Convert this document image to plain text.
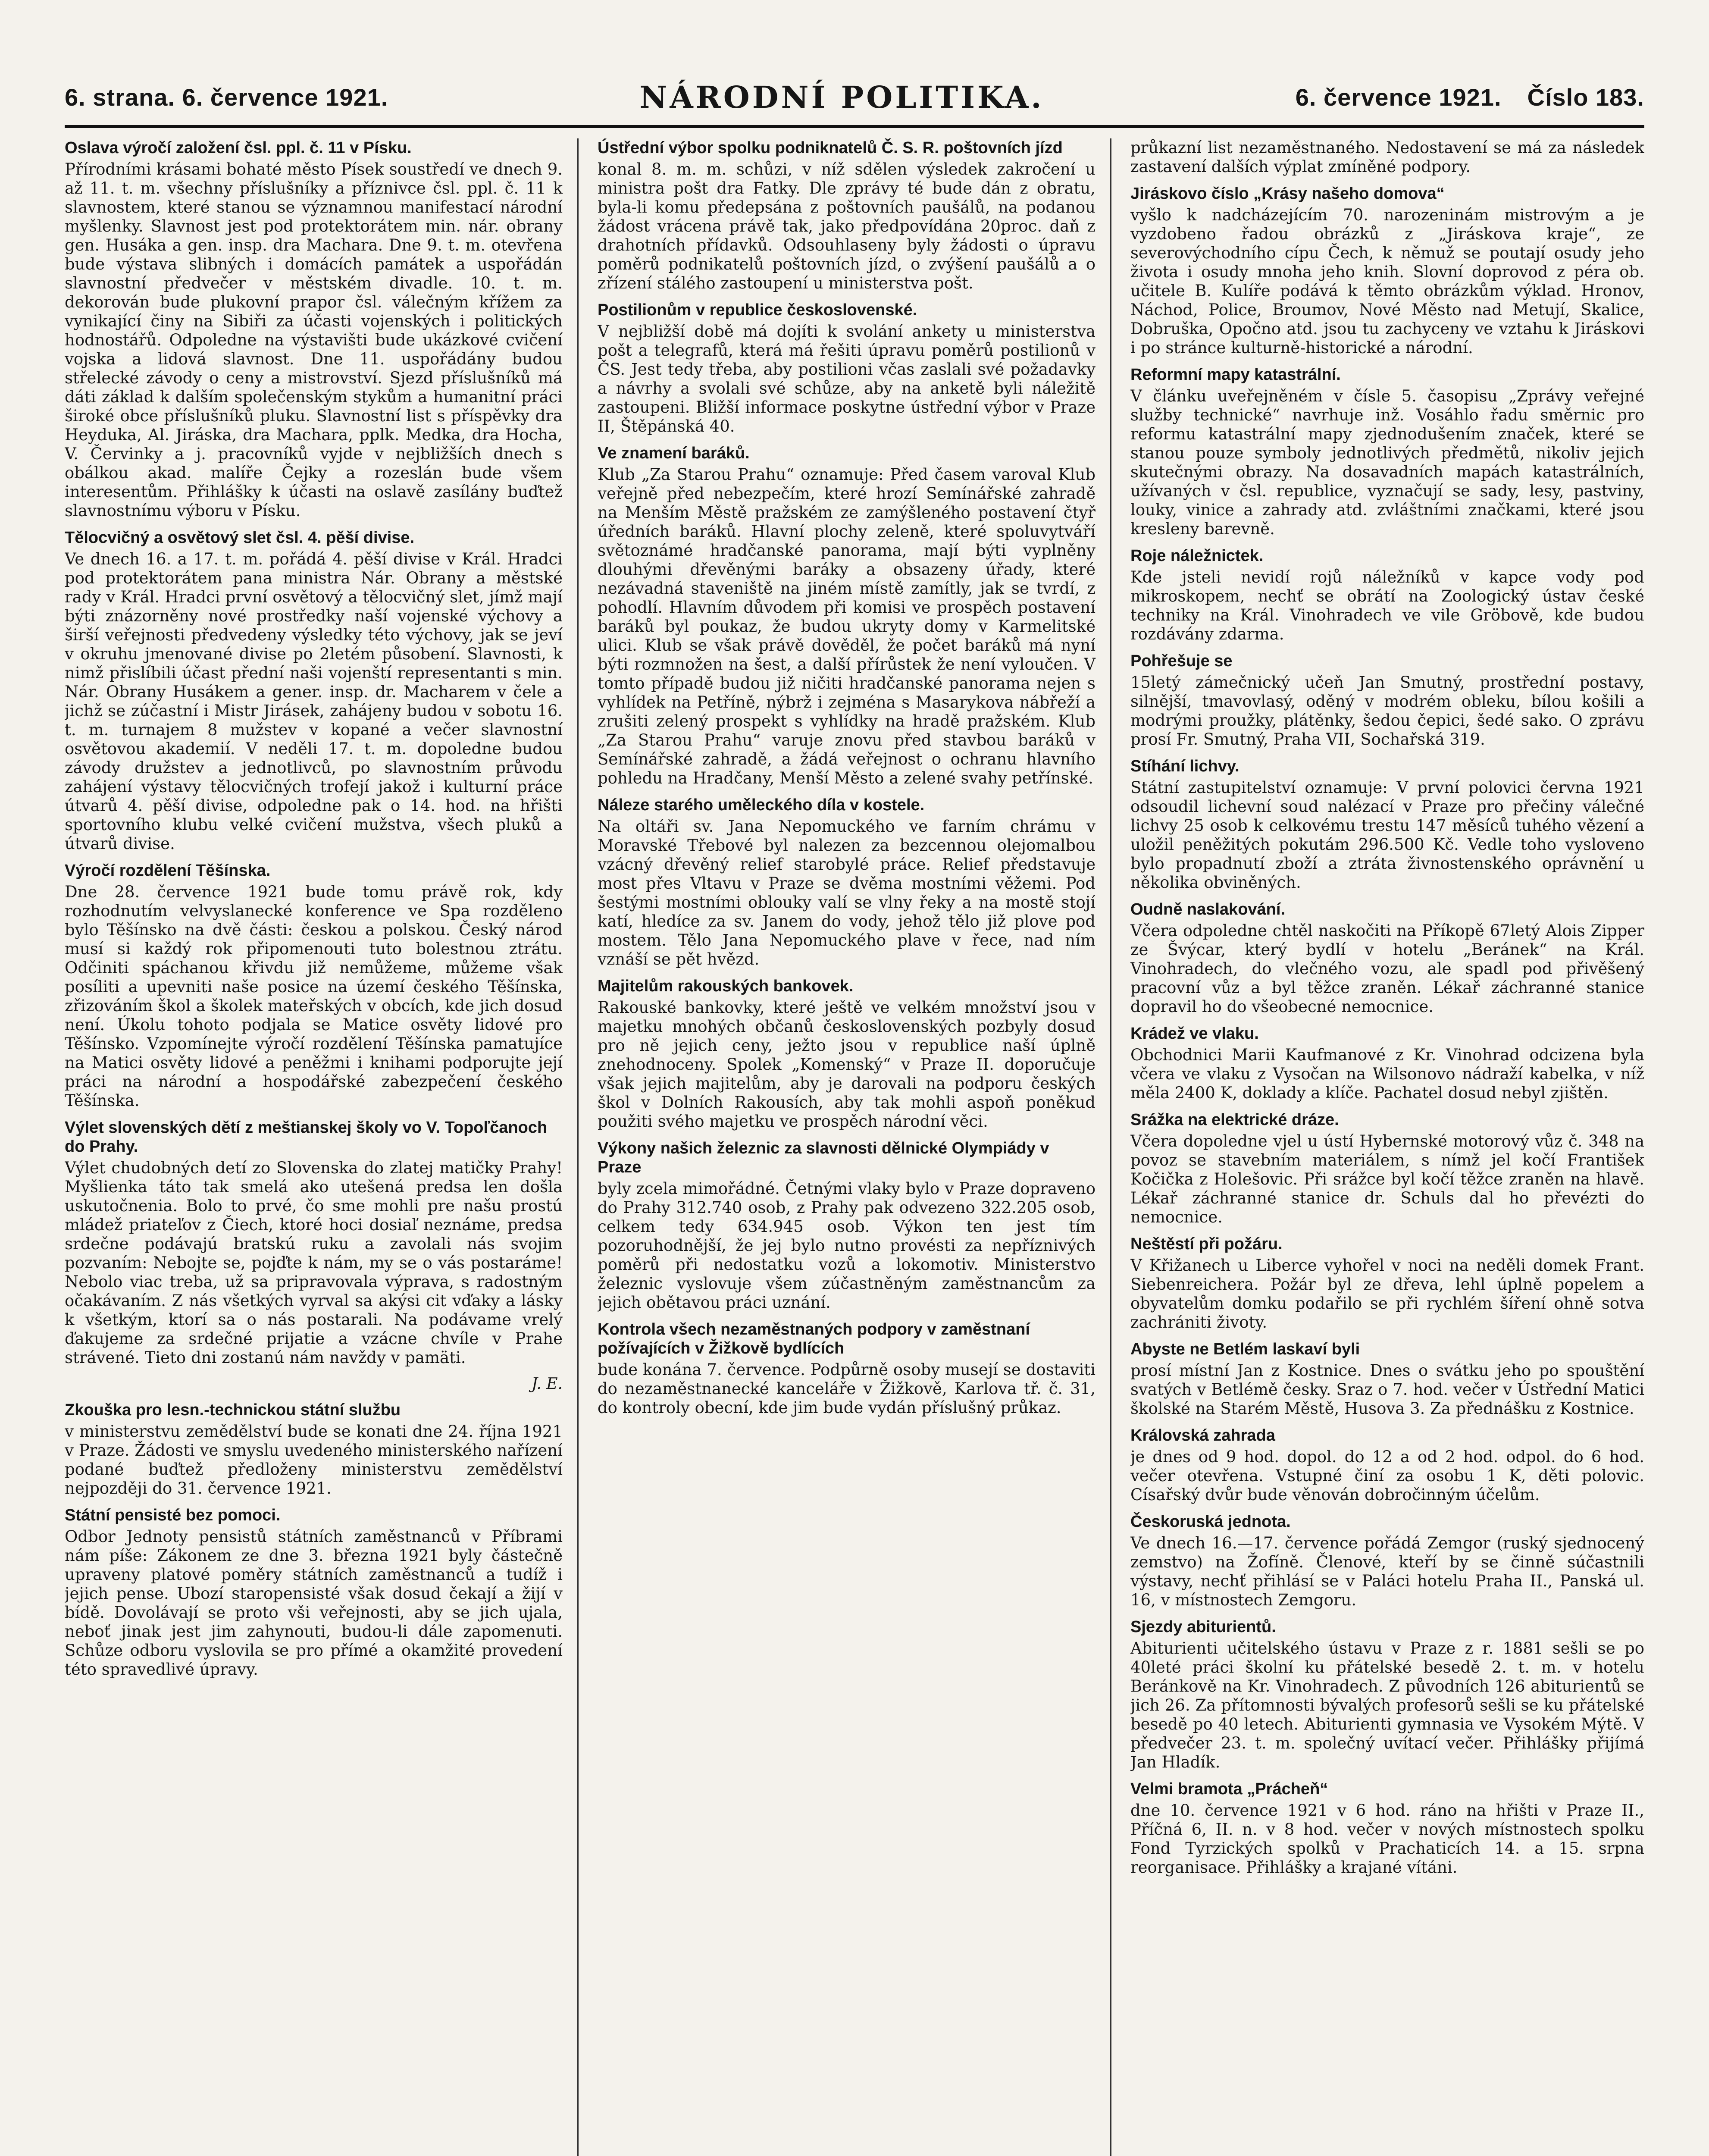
6. strana. 6. července 1921.	NÁRODNÍ POLITIKA.	6. července 1921. Číslo 183.

Oslava výročí založení čsl. ppl. č. 11 v Písku.

Přírodními krásami bohaté město Písek soustředí ve dnech 9. až 11. t. m. všechny příslušníky a příznivce čsl. ppl. č. 11 k slavnostem, které stanou se významnou manifestací národní myšlenky. Slavnost jest pod protektorátem min. nár. obrany gen. Husáka a gen. insp. dra Machara. Dne 9. t. m. otevřena bude výstava slibných i domácích památek a uspořádán slavnostní předvečer v městském divadle. 10. t. m. dekorován bude plukovní prapor čsl. válečným křížem za vynikající činy na Sibiři za účasti vojenských i politických hodnostářů. Odpoledne na výstavišti bude ukázkové cvičení vojska a lidová slavnost. Dne 11. uspořádány budou střelecké závody o ceny a mistrovství. Sjezd příslušníků má dáti základ k dalším společenským stykům a humanitní práci široké obce příslušníků pluku. Slavnostní list s příspěvky dra Heyduka, Al. Jiráska, dra Machara, pplk. Medka, dra Hocha, V. Červinky a j. pracovníků vyjde v nejbližších dnech s obálkou akad. malíře Čejky a rozeslán bude všem interesentům. Přihlášky k účasti na oslavě zasílány buďtež slavnostnímu výboru v Písku.

Tělocvičný a osvětový slet čsl. 4. pěší divise.

Ve dnech 16. a 17. t. m. pořádá 4. pěší divise v Král. Hradci pod protektorátem pana ministra Nár. Obrany a městské rady v Král. Hradci první osvětový a tělocvičný slet, jímž mají býti znázorněny nové prostředky naší vojenské výchovy a širší veřejnosti předvedeny výsledky této výchovy, jak se jeví v okruhu jmenované divise po 2letém působení. Slavnosti, k nimž přislíbili účast přední naši vojenští representanti s min. Nár. Obrany Husákem a gener. insp. dr. Macharem v čele a jichž se zúčastní i Mistr Jirásek, zahájeny budou v sobotu 16. t. m. turnajem 8 mužstev v kopané a večer slavnostní osvětovou akademií. V neděli 17. t. m. dopoledne budou závody družstev a jednotlivců, po slavnostním průvodu zahájení výstavy tělocvičných trofejí jakož i kulturní práce útvarů 4. pěší divise, odpoledne pak o 14. hod. na hřišti sportovního klubu velké cvičení mužstva, všech pluků a útvarů divise.

Výročí rozdělení Těšínska.

Dne 28. července 1921 bude tomu právě rok, kdy rozhodnutím velvyslanecké konference ve Spa rozděleno bylo Těšínsko na dvě části: českou a polskou. Český národ musí si každý rok připomenouti tuto bolestnou ztrátu. Odčiniti spáchanou křivdu již nemůžeme, můžeme však posíliti a upevniti naše posice na území českého Těšínska, zřizováním škol a školek mateřských v obcích, kde jich dosud není. Úkolu tohoto podjala se Matice osvěty lidové pro Těšínsko. Vzpomínejte výročí rozdělení Těšínska pamatujíce na Matici osvěty lidové a peněžmi i knihami podporujte její práci na národní a hospodářské zabezpečení českého Těšínska.

Výlet slovenských dětí z meštianskej školy vo V. Topoľčanoch do Prahy.

Výlet chudobných detí zo Slovenska do zlatej matičky Prahy! Myšlienka táto tak smelá ako utešená predsa len došla uskutočnenia. Bolo to prvé, čo sme mohli pre našu prostú mládež priateľov z Čiech, ktoré hoci dosiaľ neznáme, predsa srdečne podávajú bratskú ruku a zavolali nás svojim pozvaním: Nebojte se, pojďte k nám, my se o vás postaráme! Nebolo viac treba, už sa pripravovala výprava, s radostným očakávaním. Z nás všetkých vyrval sa akýsi cit vďaky a lásky k všetkým, ktorí sa o nás postarali. Na podávame vrelý ďakujeme za srdečné prijatie a vzácne chvíle v Prahe strávené. Tieto dni zostanú nám navždy v pamäti.

J. E.

Zkouška pro lesn.-technickou státní službu

v ministerstvu zemědělství bude se konati dne 24. října 1921 v Praze. Žádosti ve smyslu uvedeného ministerského nařízení podané buďtež předloženy ministerstvu zemědělství nejpozději do 31. července 1921.

Státní pensisté bez pomoci.

Odbor Jednoty pensistů státních zaměstnanců v Příbrami nám píše: Zákonem ze dne 3. března 1921 byly částečně upraveny platové poměry státních zaměstnanců a tudíž i jejich pense. Ubozí staropensisté však dosud čekají a žijí v bídě. Dovolávají se proto vši veřejnosti, aby se jich ujala, neboť jinak jest jim zahynouti, budou-li dále zapomenuti. Schůze odboru vyslovila se pro přímé a okamžité provedení této spravedlivé úpravy.

Ústřední výbor spolku podniknatelů Č. S. R. poštovních jízd

konal 8. m. m. schůzi, v níž sdělen výsledek zakročení u ministra pošt dra Fatky. Dle zprávy té bude dán z obratu, byla-li komu předepsána z poštovních paušálů, na podanou žádost vrácena právě tak, jako předpovídána 20proc. daň z drahotních přídavků. Odsouhlaseny byly žádosti o úpravu poměrů podnikatelů poštovních jízd, o zvýšení paušálů a o zřízení stálého zastoupení u ministerstva pošt.

Postilionům v republice československé.

V nejbližší době má dojíti k svolání ankety u ministerstva pošt a telegrafů, která má řešiti úpravu poměrů postilionů v ČS. Jest tedy třeba, aby postilioni včas zaslali své požadavky a návrhy a svolali své schůze, aby na anketě byli náležitě zastoupeni. Bližší informace poskytne ústřední výbor v Praze II, Štěpánská 40.

Ve znamení baráků.

Klub „Za Starou Prahu“ oznamuje: Před časem varoval Klub veřejně před nebezpečím, které hrozí Semínářské zahradě na Menším Městě pražském ze zamýšleného postavení čtyř úředních baráků. Hlavní plochy zeleně, které spoluvytváří světoznámé hradčanské panorama, mají býti vyplněny dlouhými dřevěnými baráky a obsazeny úřady, které nezávadná staveniště na jiném místě zamítly, jak se tvrdí, z pohodlí. Hlavním důvodem při komisi ve prospěch postavení baráků byl poukaz, že budou ukryty domy v Karmelitské ulici. Klub se však právě dověděl, že počet baráků má nyní býti rozmnožen na šest, a další přírůstek že není vyloučen. V tomto případě budou již ničiti hradčanské panorama nejen s vyhlídek na Petříně, nýbrž i zejména s Masarykova nábřeží a zrušiti zelený prospekt s vyhlídky na hradě pražském. Klub „Za Starou Prahu“ varuje znovu před stavbou baráků v Semínářské zahradě, a žádá veřejnost o ochranu hlavního pohledu na Hradčany, Menší Město a zelené svahy petřínské.

Náleze starého uměleckého díla v kostele.

Na oltáři sv. Jana Nepomuckého ve farním chrámu v Moravské Třebové byl nalezen za bezcennou olejomalbou vzácný dřevěný relief starobylé práce. Relief představuje most přes Vltavu v Praze se dvěma mostními věžemi. Pod šestými mostními oblouky valí se vlny řeky a na mostě stojí katí, hledíce za sv. Janem do vody, jehož tělo již plove pod mostem. Tělo Jana Nepomuckého plave v řece, nad ním vznáší se pět hvězd.

Majitelům rakouských bankovek.

Rakouské bankovky, které ještě ve velkém množství jsou v majetku mnohých občanů československých pozbyly dosud pro ně jejich ceny, ježto jsou v republice naší úplně znehodnoceny. Spolek „Komenský“ v Praze II. doporučuje však jejich majitelům, aby je darovali na podporu českých škol v Dolních Rakousích, aby tak mohli aspoň poněkud použiti svého majetku ve prospěch národní věci.

Výkony našich železnic za slavnosti dělnické Olympiády v Praze

byly zcela mimořádné. Četnými vlaky bylo v Praze dopraveno do Prahy 312.740 osob, z Prahy pak odvezeno 322.205 osob, celkem tedy 634.945 osob. Výkon ten jest tím pozoruhodnější, že jej bylo nutno provésti za nepříznivých poměrů při nedostatku vozů a lokomotiv. Ministerstvo železnic vyslovuje všem zúčastněným zaměstnancům za jejich obětavou práci uznání.

Kontrola všech nezaměstnaných podpory v zaměstnaní požívajících v Žižkově bydlících

bude konána 7. července. Podpůrně osoby musejí se dostaviti do nezaměstnanecké kanceláře v Žižkově, Karlova tř. č. 31, do kontroly obecní, kde jim bude vydán příslušný průkaz.

průkazní list nezaměstnaného. Nedostavení se má za následek zastavení dalších výplat zmíněné podpory.

Jiráskovo číslo „Krásy našeho domova“

vyšlo k nadcházejícím 70. narozeninám mistrovým a je vyzdobeno řadou obrázků z „Jiráskova kraje“, ze severovýchodního cípu Čech, k němuž se poutají osudy jeho života i osudy mnoha jeho knih. Slovní doprovod z péra ob. učitele B. Kulíře podává k těmto obrázkům výklad. Hronov, Náchod, Police, Broumov, Nové Město nad Metují, Skalice, Dobruška, Opočno atd. jsou tu zachyceny ve vztahu k Jiráskovi i po stránce kulturně-historické a národní.

Reformní mapy katastrální.

V článku uveřejněném v čísle 5. časopisu „Zprávy veřejné služby technické“ navrhuje inž. Vosáhlo řadu směrnic pro reformu katastrální mapy zjednodušením značek, které se stanou pouze symboly jednotlivých předmětů, nikoliv jejich skutečnými obrazy. Na dosavadních mapách katastrálních, užívaných v čsl. republice, vyznačují se sady, lesy, pastviny, louky, vinice a zahrady atd. zvláštními značkami, které jsou kresleny barevně.

Roje náležnictek.

Kde jsteli nevidí rojů náležníků v kapce vody pod mikroskopem, nechť se obrátí na Zoologický ústav české techniky na Král. Vinohradech ve vile Gröbově, kde budou rozdávány zdarma.

Pohřešuje se

15letý zámečnický učeň Jan Smutný, prostřední postavy, silnější, tmavovlasý, oděný v modrém obleku, bílou košili a modrými proužky, plátěnky, šedou čepici, šedé sako. O zprávu prosí Fr. Smutný, Praha VII, Sochařská 319.

Stíhání lichvy.

Státní zastupitelství oznamuje: V první polovici června 1921 odsoudil lichevní soud nalézací v Praze pro přečiny válečné lichvy 25 osob k celkovému trestu 147 měsíců tuhého vězení a uložil peněžitých pokutám 296.500 Kč. Vedle toho vysloveno bylo propadnutí zboží a ztráta živnostenského oprávnění u několika obviněných.

Oudně naslakování.

Včera odpoledne chtěl naskočiti na Příkopě 67letý Alois Zipper ze Švýcar, který bydlí v hotelu „Beránek“ na Král. Vinohradech, do vlečného vozu, ale spadl pod přivěšený pracovní vůz a byl těžce zraněn. Lékař záchranné stanice dopravil ho do všeobecné nemocnice.

Krádež ve vlaku.

Obchodnici Marii Kaufmanové z Kr. Vinohrad odcizena byla včera ve vlaku z Vysočan na Wilsonovo nádraží kabelka, v níž měla 2400 K, doklady a klíče. Pachatel dosud nebyl zjištěn.

Srážka na elektrické dráze.

Včera dopoledne vjel u ústí Hybernské motorový vůz č. 348 na povoz se stavebním materiálem, s nímž jel kočí František Kočička z Holešovic. Při srážce byl kočí těžce zraněn na hlavě. Lékař záchranné stanice dr. Schuls dal ho převézti do nemocnice.

Neštěstí při požáru.

V Křižanech u Liberce vyhořel v noci na neděli domek Frant. Siebenreichera. Požár byl ze dřeva, lehl úplně popelem a obyvatelům domku podařilo se při rychlém šíření ohně sotva zachrániti životy.

Abyste ne Betlém laskaví byli

prosí místní Jan z Kostnice. Dnes o svátku jeho po spouštění svatých v Betlémě česky. Sraz o 7. hod. večer v Ústřední Matici školské na Starém Městě, Husova 3. Za přednášku z Kostnice.

Královská zahrada

je dnes od 9 hod. dopol. do 12 a od 2 hod. odpol. do 6 hod. večer otevřena. Vstupné činí za osobu 1 K, děti polovic. Císařský dvůr bude věnován dobročinným účelům.

Českoruská jednota.

Ve dnech 16.—17. července pořádá Zemgor (ruský sjednocený zemstvo) na Žofíně. Členové, kteří by se činně súčastnili výstavy, nechť přihlásí se v Paláci hotelu Praha II., Panská ul. 16, v místnostech Zemgoru.

Sjezdy abiturientů.

Abiturienti učitelského ústavu v Praze z r. 1881 sešli se po 40leté práci školní ku přátelské besedě 2. t. m. v hotelu Beránkově na Kr. Vinohradech. Z původních 126 abiturientů se jich 26. Za přítomnosti bývalých profesorů sešli se ku přátelské besedě po 40 letech. Abiturienti gymnasia ve Vysokém Mýtě. V předvečer 23. t. m. společný uvítací večer. Přihlášky přijímá Jan Hladík.

Velmi bramota „Prácheň“

dne 10. července 1921 v 6 hod. ráno na hřišti v Praze II., Příčná 6, II. n. v 8 hod. večer v nových místnostech spolku Fond Tyrzických spolků v Prachaticích 14. a 15. srpna reorganisace. Přihlášky a krajané vítáni.
